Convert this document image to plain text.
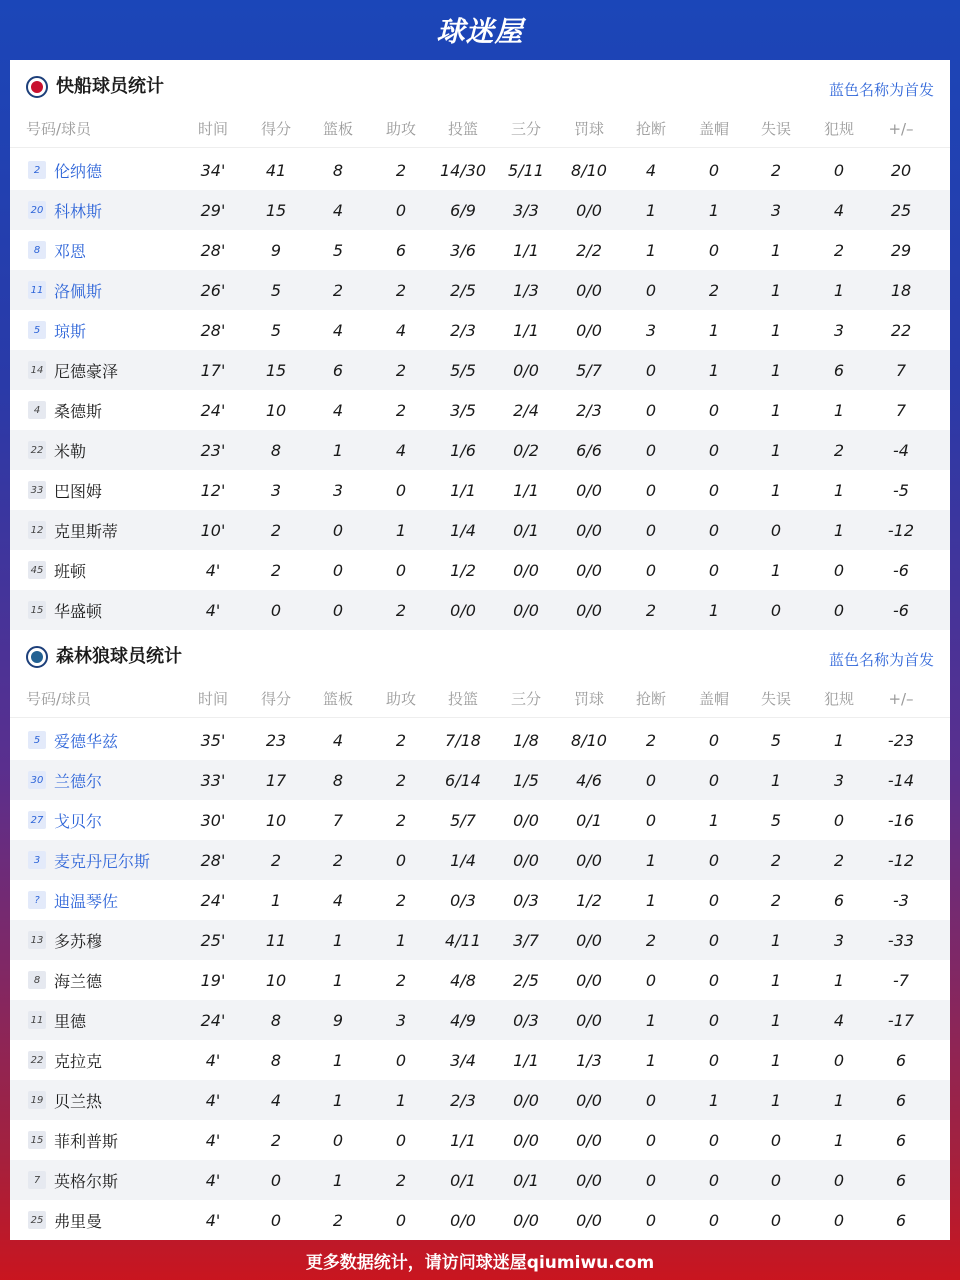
球迷屋
快船球员统计	蓝色名称为首发
号码/球员	时间	得分	篮板	助攻	投篮	三分	罚球	抢断	盖帽	失误	犯规	+/–
2 伦纳德	34'	41	8	2	14/30	5/11	8/10	4	0	2	0	20
20 科林斯	29'	15	4	0	6/9	3/3	0/0	1	1	3	4	25
8 邓恩	28'	9	5	6	3/6	1/1	2/2	1	0	1	2	29
11 洛佩斯	26'	5	2	2	2/5	1/3	0/0	0	2	1	1	18
5 琼斯	28'	5	4	4	2/3	1/1	0/0	3	1	1	3	22
14 尼德豪泽	17'	15	6	2	5/5	0/0	5/7	0	1	1	6	7
4 桑德斯	24'	10	4	2	3/5	2/4	2/3	0	0	1	1	7
22 米勒	23'	8	1	4	1/6	0/2	6/6	0	0	1	2	-4
33 巴图姆	12'	3	3	0	1/1	1/1	0/0	0	0	1	1	-5
12 克里斯蒂	10'	2	0	1	1/4	0/1	0/0	0	0	0	1	-12
45 班顿	4'	2	0	0	1/2	0/0	0/0	0	0	1	0	-6
15 华盛顿	4'	0	0	2	0/0	0/0	0/0	2	1	0	0	-6
森林狼球员统计	蓝色名称为首发
号码/球员	时间	得分	篮板	助攻	投篮	三分	罚球	抢断	盖帽	失误	犯规	+/–
5 爱德华兹	35'	23	4	2	7/18	1/8	8/10	2	0	5	1	-23
30 兰德尔	33'	17	8	2	6/14	1/5	4/6	0	0	1	3	-14
27 戈贝尔	30'	10	7	2	5/7	0/0	0/1	0	1	5	0	-16
3 麦克丹尼尔斯	28'	2	2	0	1/4	0/0	0/0	1	0	2	2	-12
? 迪温琴佐	24'	1	4	2	0/3	0/3	1/2	1	0	2	6	-3
13 多苏穆	25'	11	1	1	4/11	3/7	0/0	2	0	1	3	-33
8 海兰德	19'	10	1	2	4/8	2/5	0/0	0	0	1	1	-7
11 里德	24'	8	9	3	4/9	0/3	0/0	1	0	1	4	-17
22 克拉克	4'	8	1	0	3/4	1/1	1/3	1	0	1	0	6
19 贝兰热	4'	4	1	1	2/3	0/0	0/0	0	1	1	1	6
15 菲利普斯	4'	2	0	0	1/1	0/0	0/0	0	0	0	1	6
7 英格尔斯	4'	0	1	2	0/1	0/1	0/0	0	0	0	0	6
25 弗里曼	4'	0	2	0	0/0	0/0	0/0	0	0	0	0	6
更多数据统计，请访问球迷屋qiumiwu.com
